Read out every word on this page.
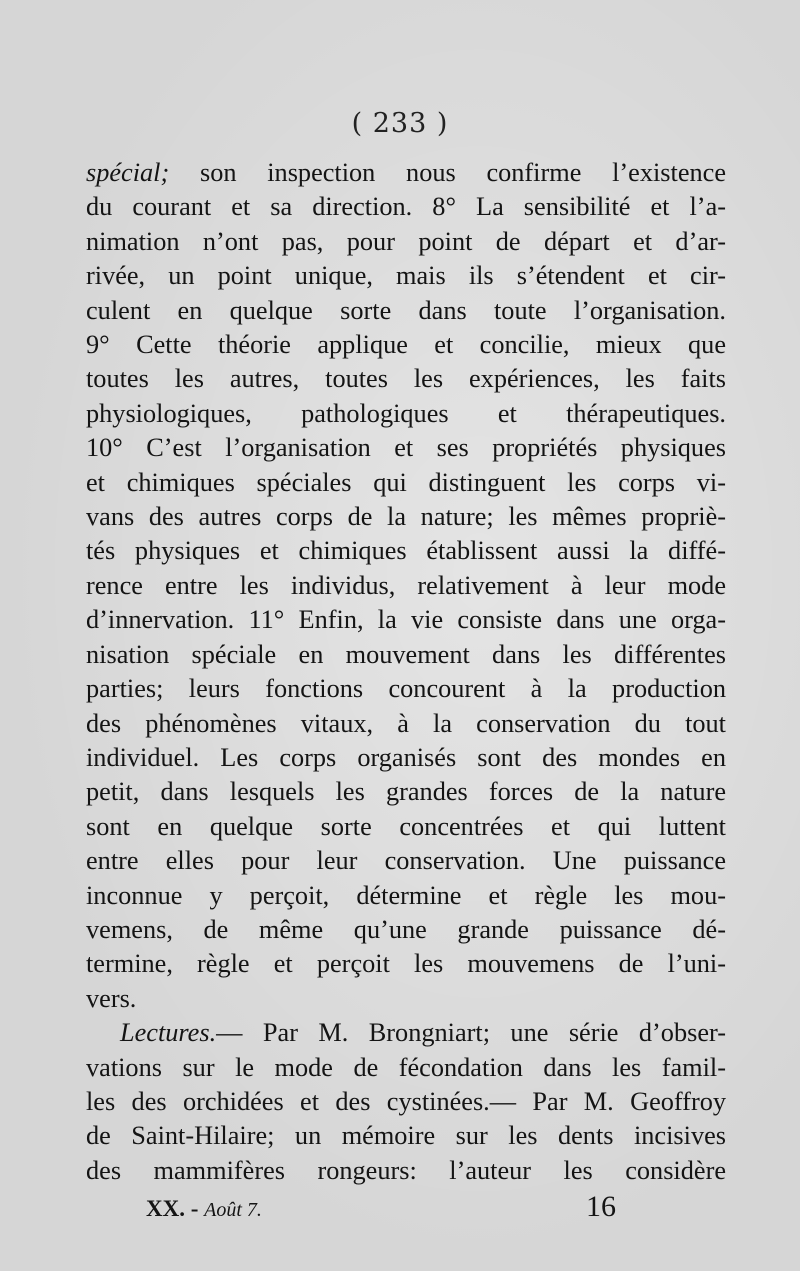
( 233 )
spécial; son inspection nous confirme l’existence
du courant et sa direction. 8° La sensibilité et l’a-
nimation n’ont pas, pour point de départ et d’ar-
rivée, un point unique, mais ils s’étendent et cir-
culent en quelque sorte dans toute l’organisation.
9° Cette théorie applique et concilie, mieux que
toutes les autres, toutes les expériences, les faits
physiologiques, pathologiques et thérapeutiques.
10° C’est l’organisation et ses propriétés physiques
et chimiques spéciales qui distinguent les corps vi-
vans des autres corps de la nature; les mêmes propriè-
tés physiques et chimiques établissent aussi la diffé-
rence entre les individus, relativement à leur mode
d’innervation. 11° Enfin, la vie consiste dans une orga-
nisation spéciale en mouvement dans les différentes
parties; leurs fonctions concourent à la production
des phénomènes vitaux, à la conservation du tout
individuel. Les corps organisés sont des mondes en
petit, dans lesquels les grandes forces de la nature
sont en quelque sorte concentrées et qui luttent
entre elles pour leur conservation. Une puissance
inconnue y perçoit, détermine et règle les mou-
vemens, de même qu’une grande puissance dé-
termine, règle et perçoit les mouvemens de l’uni-
vers.
Lectures.— Par M. Brongniart; une série d’obser-
vations sur le mode de fécondation dans les famil-
les des orchidées et des cystinées.— Par M. Geoffroy
de Saint-Hilaire; un mémoire sur les dents incisives
des mammifères rongeurs: l’auteur les considère
XX. - Août 7.	16
